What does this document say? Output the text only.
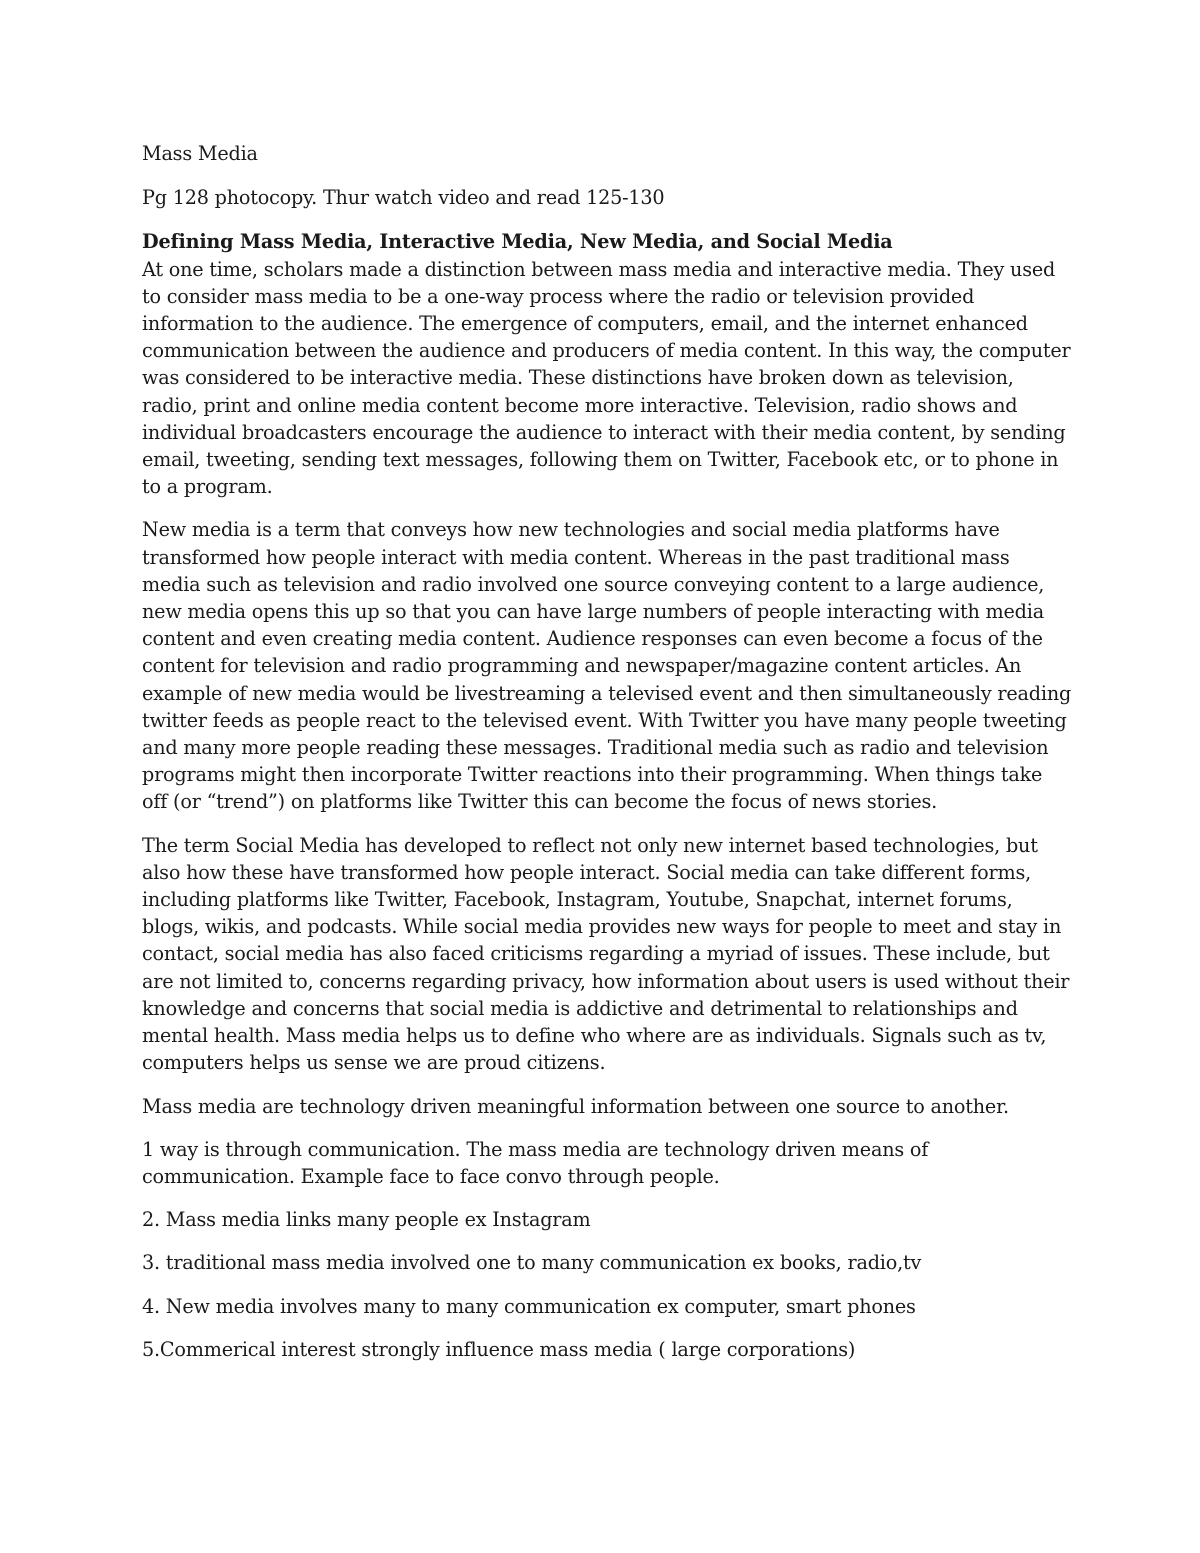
Mass Media

Pg 128 photocopy. Thur watch video and read 125-130

Defining Mass Media, Interactive Media, New Media, and Social Media

At one time, scholars made a distinction between mass media and interactive media. They used to consider mass media to be a one-way process where the radio or television provided information to the audience. The emergence of computers, email, and the internet enhanced communication between the audience and producers of media content. In this way, the computer was considered to be interactive media. These distinctions have broken down as television, radio, print and online media content become more interactive. Television, radio shows and individual broadcasters encourage the audience to interact with their media content, by sending email, tweeting, sending text messages, following them on Twitter, Facebook etc, or to phone in to a program.

New media is a term that conveys how new technologies and social media platforms have transformed how people interact with media content. Whereas in the past traditional mass media such as television and radio involved one source conveying content to a large audience, new media opens this up so that you can have large numbers of people interacting with media content and even creating media content. Audience responses can even become a focus of the content for television and radio programming and newspaper/magazine content articles. An example of new media would be livestreaming a televised event and then simultaneously reading twitter feeds as people react to the televised event. With Twitter you have many people tweeting and many more people reading these messages. Traditional media such as radio and television programs might then incorporate Twitter reactions into their programming. When things take off (or “trend”) on platforms like Twitter this can become the focus of news stories.

The term Social Media has developed to reflect not only new internet based technologies, but also how these have transformed how people interact. Social media can take different forms, including platforms like Twitter, Facebook, Instagram, Youtube, Snapchat, internet forums, blogs, wikis, and podcasts. While social media provides new ways for people to meet and stay in contact, social media has also faced criticisms regarding a myriad of issues. These include, but are not limited to, concerns regarding privacy, how information about users is used without their knowledge and concerns that social media is addictive and detrimental to relationships and mental health. Mass media helps us to define who where are as individuals. Signals such as tv, computers helps us sense we are proud citizens.

Mass media are technology driven meaningful information between one source to another.

1 way is through communication. The mass media are technology driven means of communication. Example face to face convo through people.

2. Mass media links many people ex Instagram

3. traditional mass media involved one to many communication ex books, radio,tv

4. New media involves many to many communication ex computer, smart phones

5.Commerical interest strongly influence mass media ( large corporations)
